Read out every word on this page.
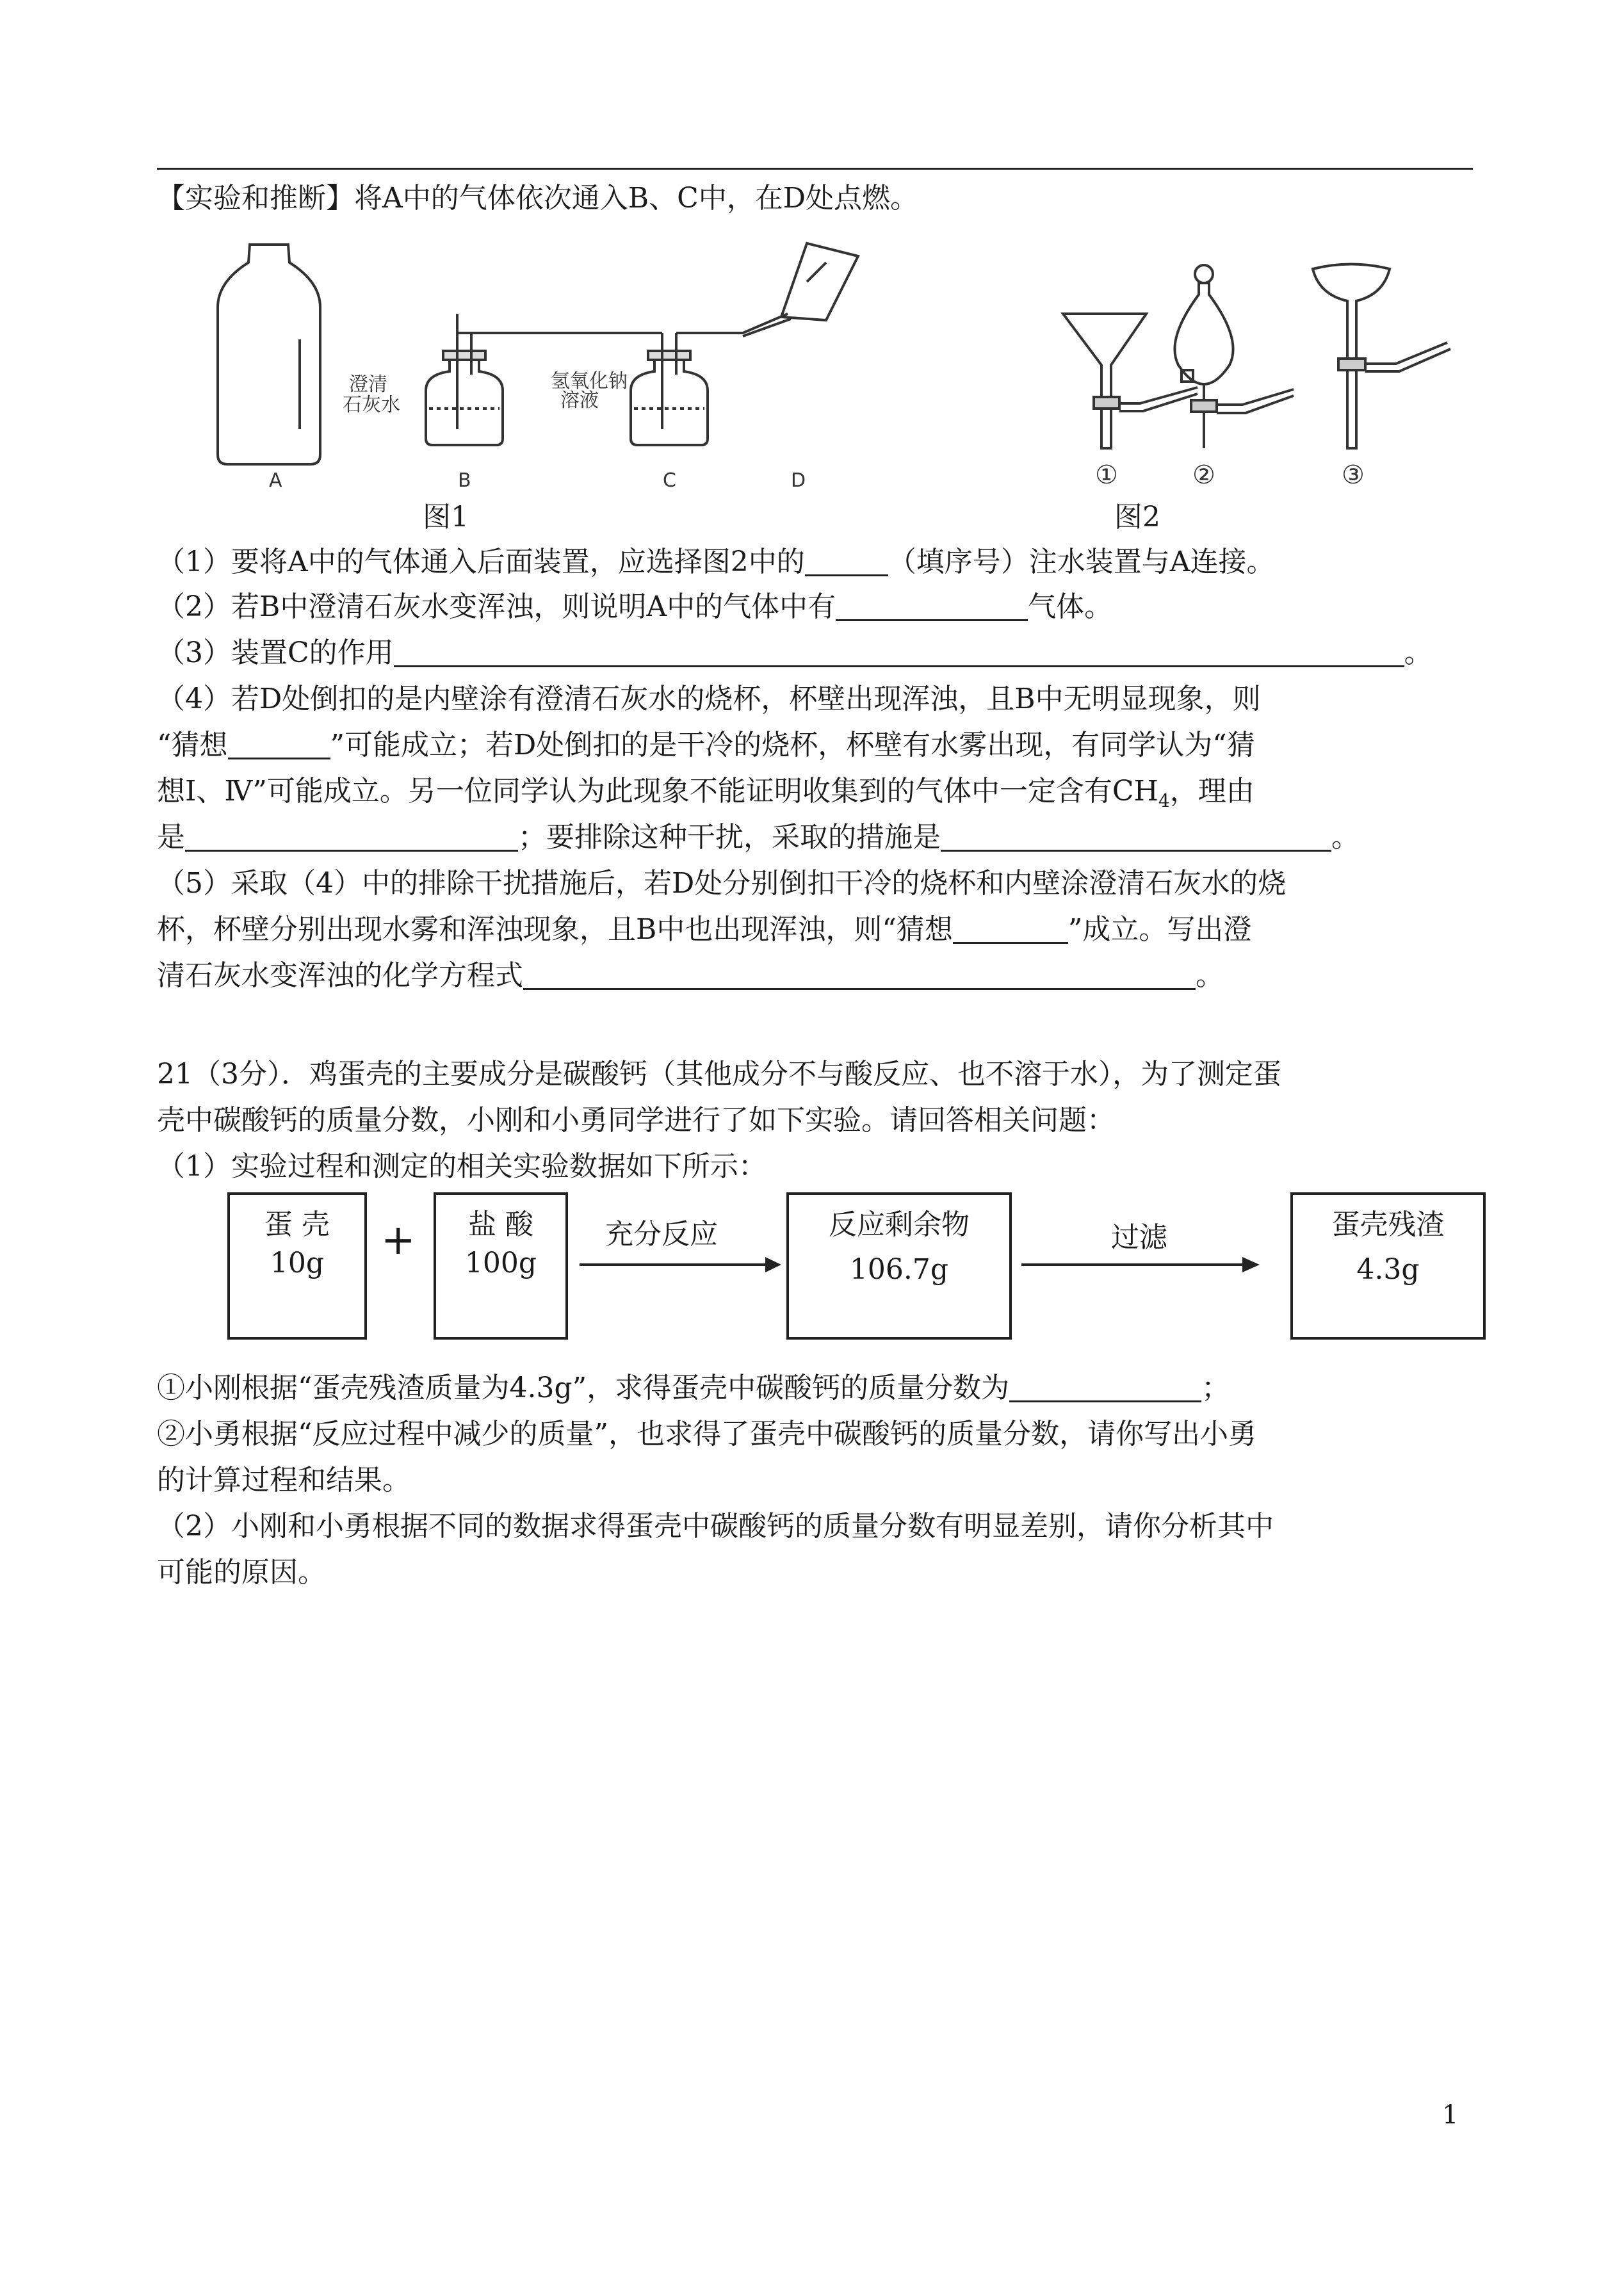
【实验和推断】将A中的气体依次通入B、C中，在D处点燃。
澄清
石灰水
氢氧化钠
溶液
A	B	C	D	①	②	③
图1	图2
（1）要将A中的气体通入后面装置，应选择图2中的	（填序号）注水装置与A连接。
（2）若B中澄清石灰水变浑浊，则说明A中的气体中有	气体。
（3）装置C的作用	。
（4）若D处倒扣的是内壁涂有澄清石灰水的烧杯，杯壁出现浑浊，且B中无明显现象，则
“猜想	”可能成立；若D处倒扣的是干冷的烧杯，杯壁有水雾出现，有同学认为“猜
想Ⅰ、Ⅳ”可能成立。另一位同学认为此现象不能证明收集到的气体中一定含有$CH_4$，理由
是	；要排除这种干扰，采取的措施是	。
（5）采取（4）中的排除干扰措施后，若D处分别倒扣干冷的烧杯和内壁涂澄清石灰水的烧
杯，杯壁分别出现水雾和浑浊现象，且B中也出现浑浊，则“猜想	”成立。写出澄
清石灰水变浑浊的化学方程式	。
21（3分）．鸡蛋壳的主要成分是碳酸钙（其他成分不与酸反应、也不溶于水），为了测定蛋
壳中碳酸钙的质量分数，小刚和小勇同学进行了如下实验。请回答相关问题：
（1）实验过程和测定的相关实验数据如下所示：
蛋 壳
10g	+	盐 酸
100g
充分反应	反应剩余物
106.7g
过滤	蛋壳残渣
4.3g
①小刚根据“蛋壳残渣质量为4.3g”，求得蛋壳中碳酸钙的质量分数为	；
②小勇根据“反应过程中减少的质量”，也求得了蛋壳中碳酸钙的质量分数，请你写出小勇
的计算过程和结果。
（2）小刚和小勇根据不同的数据求得蛋壳中碳酸钙的质量分数有明显差别，请你分析其中
可能的原因。
1
